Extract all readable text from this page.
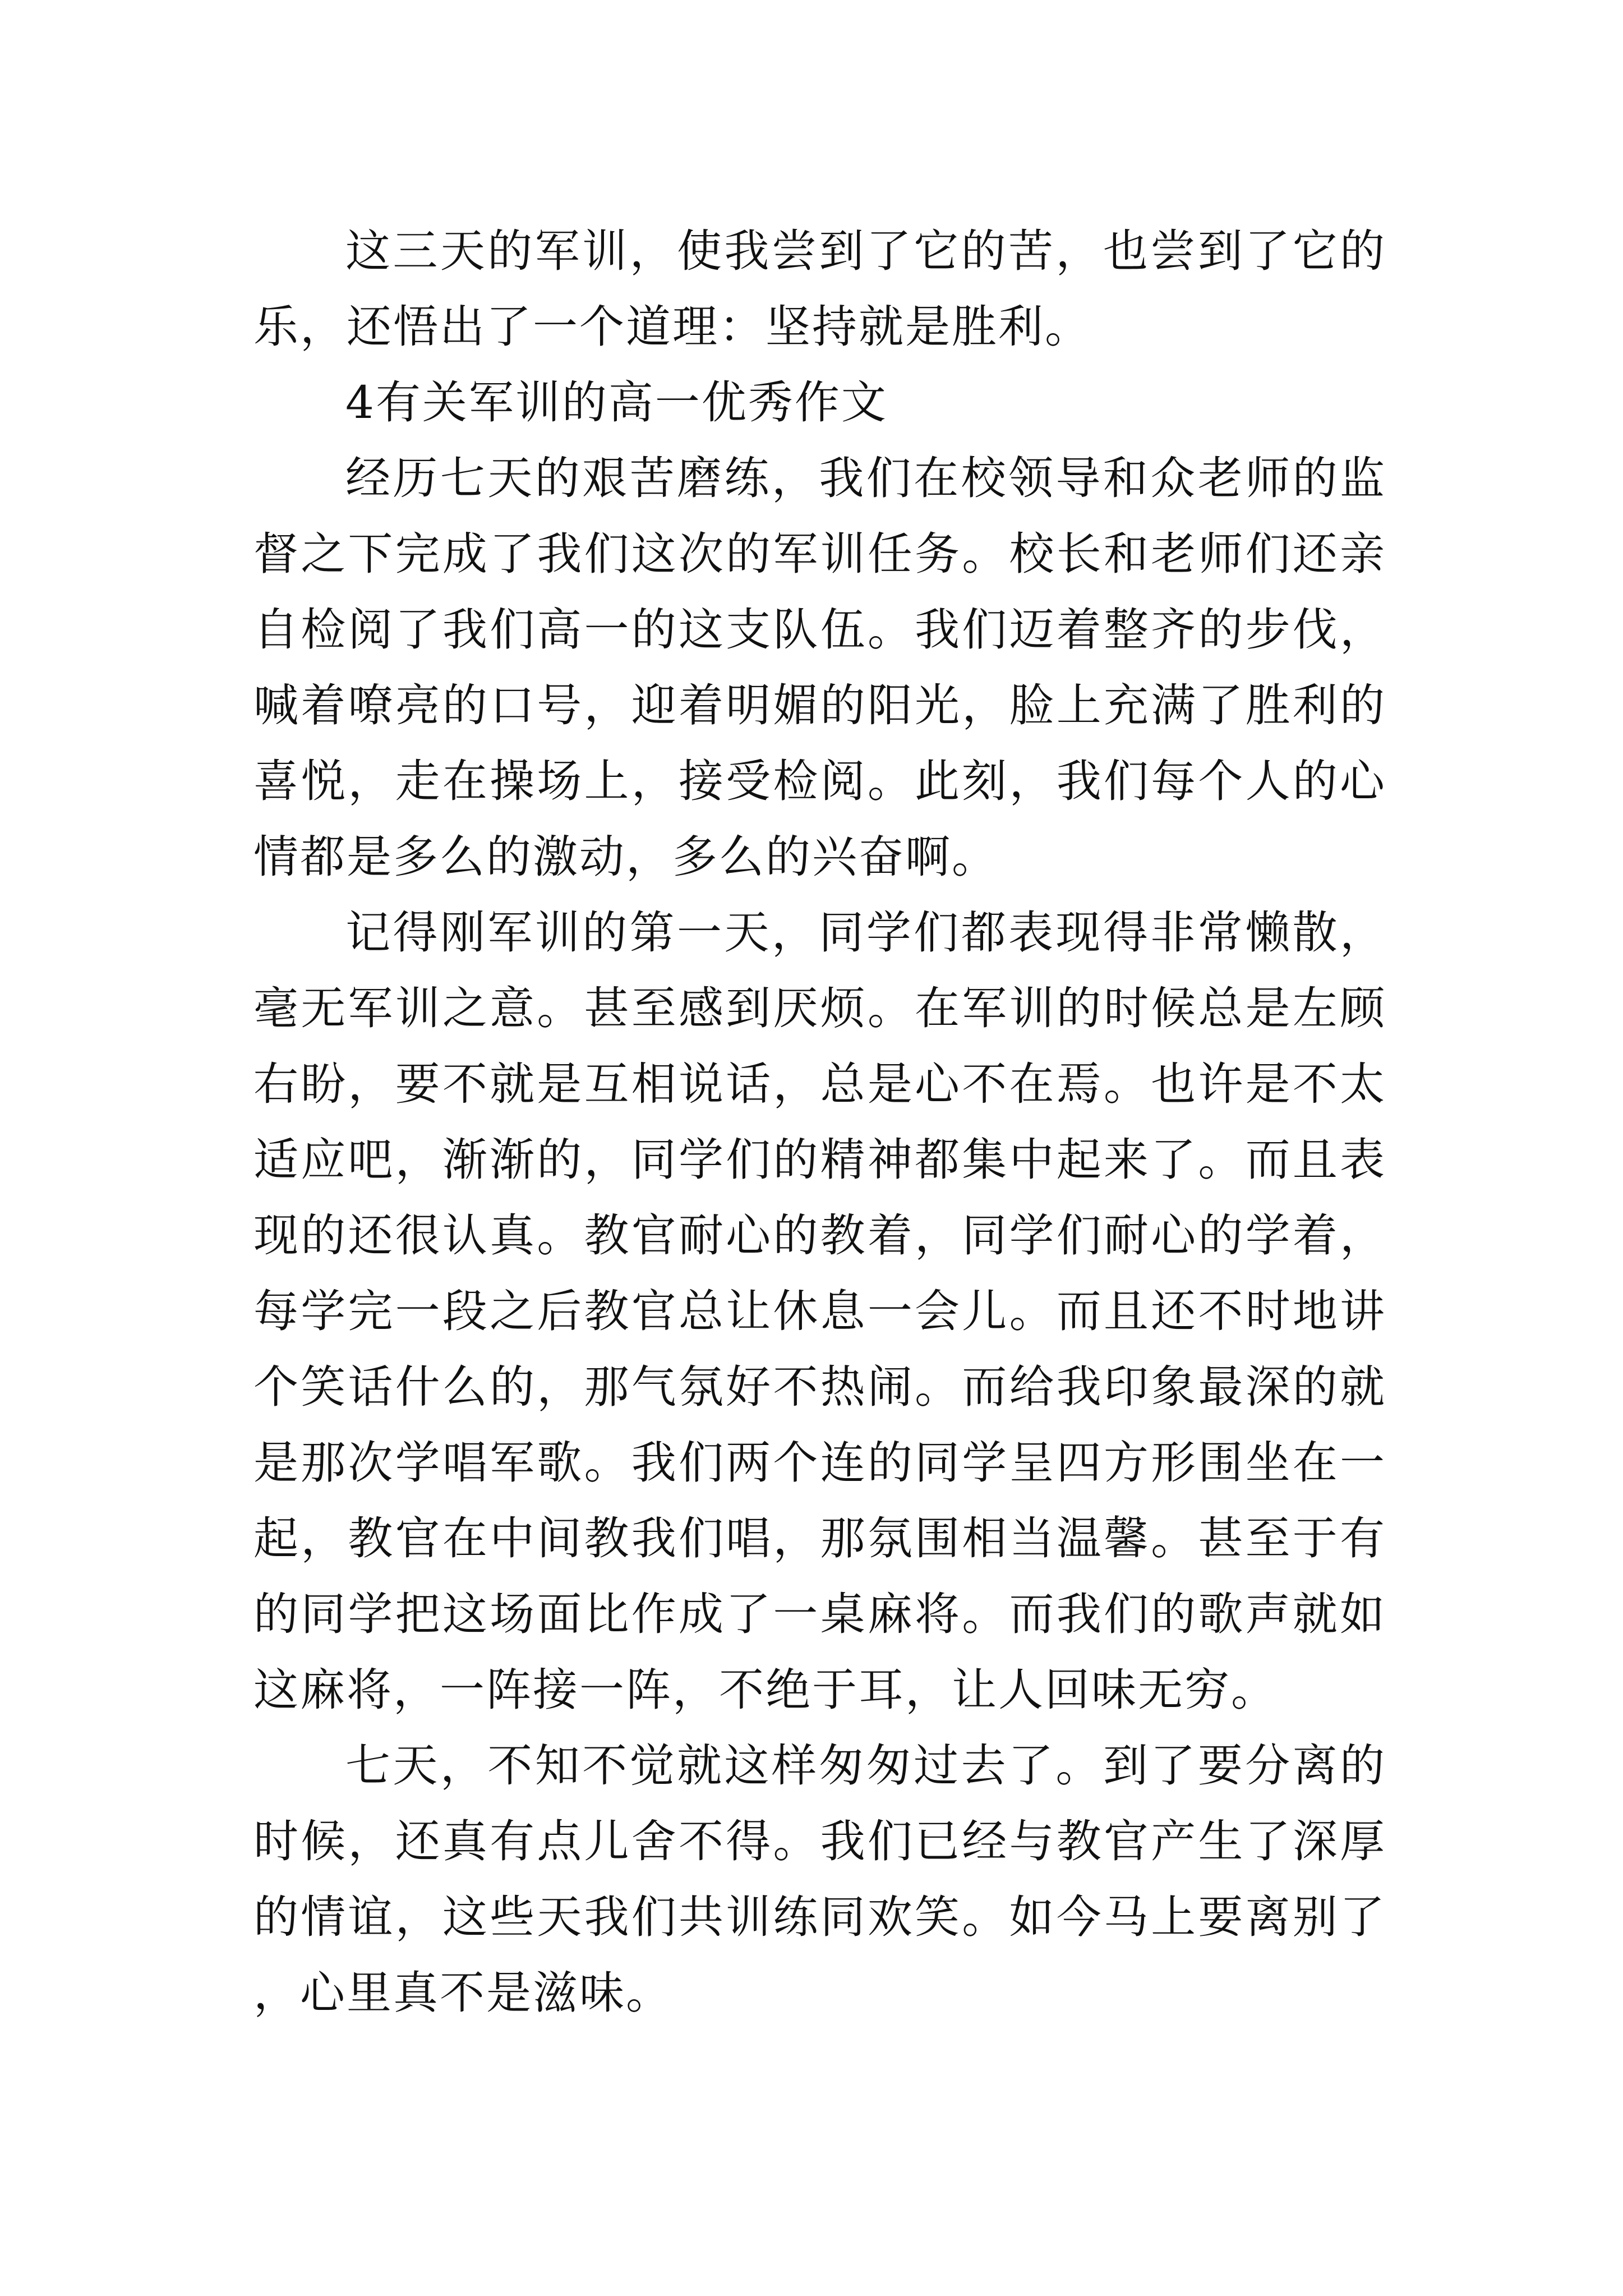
这三天的军训，使我尝到了它的苦，也尝到了它的乐，还悟出了一个道理：坚持就是胜利。

4有关军训的高一优秀作文

经历七天的艰苦磨练，我们在校领导和众老师的监督之下完成了我们这次的军训任务。校长和老师们还亲自检阅了我们高一的这支队伍。我们迈着整齐的步伐，喊着嘹亮的口号，迎着明媚的阳光，脸上充满了胜利的喜悦，走在操场上，接受检阅。此刻，我们每个人的心情都是多么的激动，多么的兴奋啊。

记得刚军训的第一天，同学们都表现得非常懒散，毫无军训之意。甚至感到厌烦。在军训的时候总是左顾右盼，要不就是互相说话，总是心不在焉。也许是不太适应吧，渐渐的，同学们的精神都集中起来了。而且表现的还很认真。教官耐心的教着，同学们耐心的学着，每学完一段之后教官总让休息一会儿。而且还不时地讲个笑话什么的，那气氛好不热闹。而给我印象最深的就是那次学唱军歌。我们两个连的同学呈四方形围坐在一起，教官在中间教我们唱，那氛围相当温馨。甚至于有的同学把这场面比作成了一桌麻将。而我们的歌声就如这麻将，一阵接一阵，不绝于耳，让人回味无穷。

七天，不知不觉就这样匆匆过去了。到了要分离的时候，还真有点儿舍不得。我们已经与教官产生了深厚的情谊，这些天我们共训练同欢笑。如今马上要离别了，心里真不是滋味。
